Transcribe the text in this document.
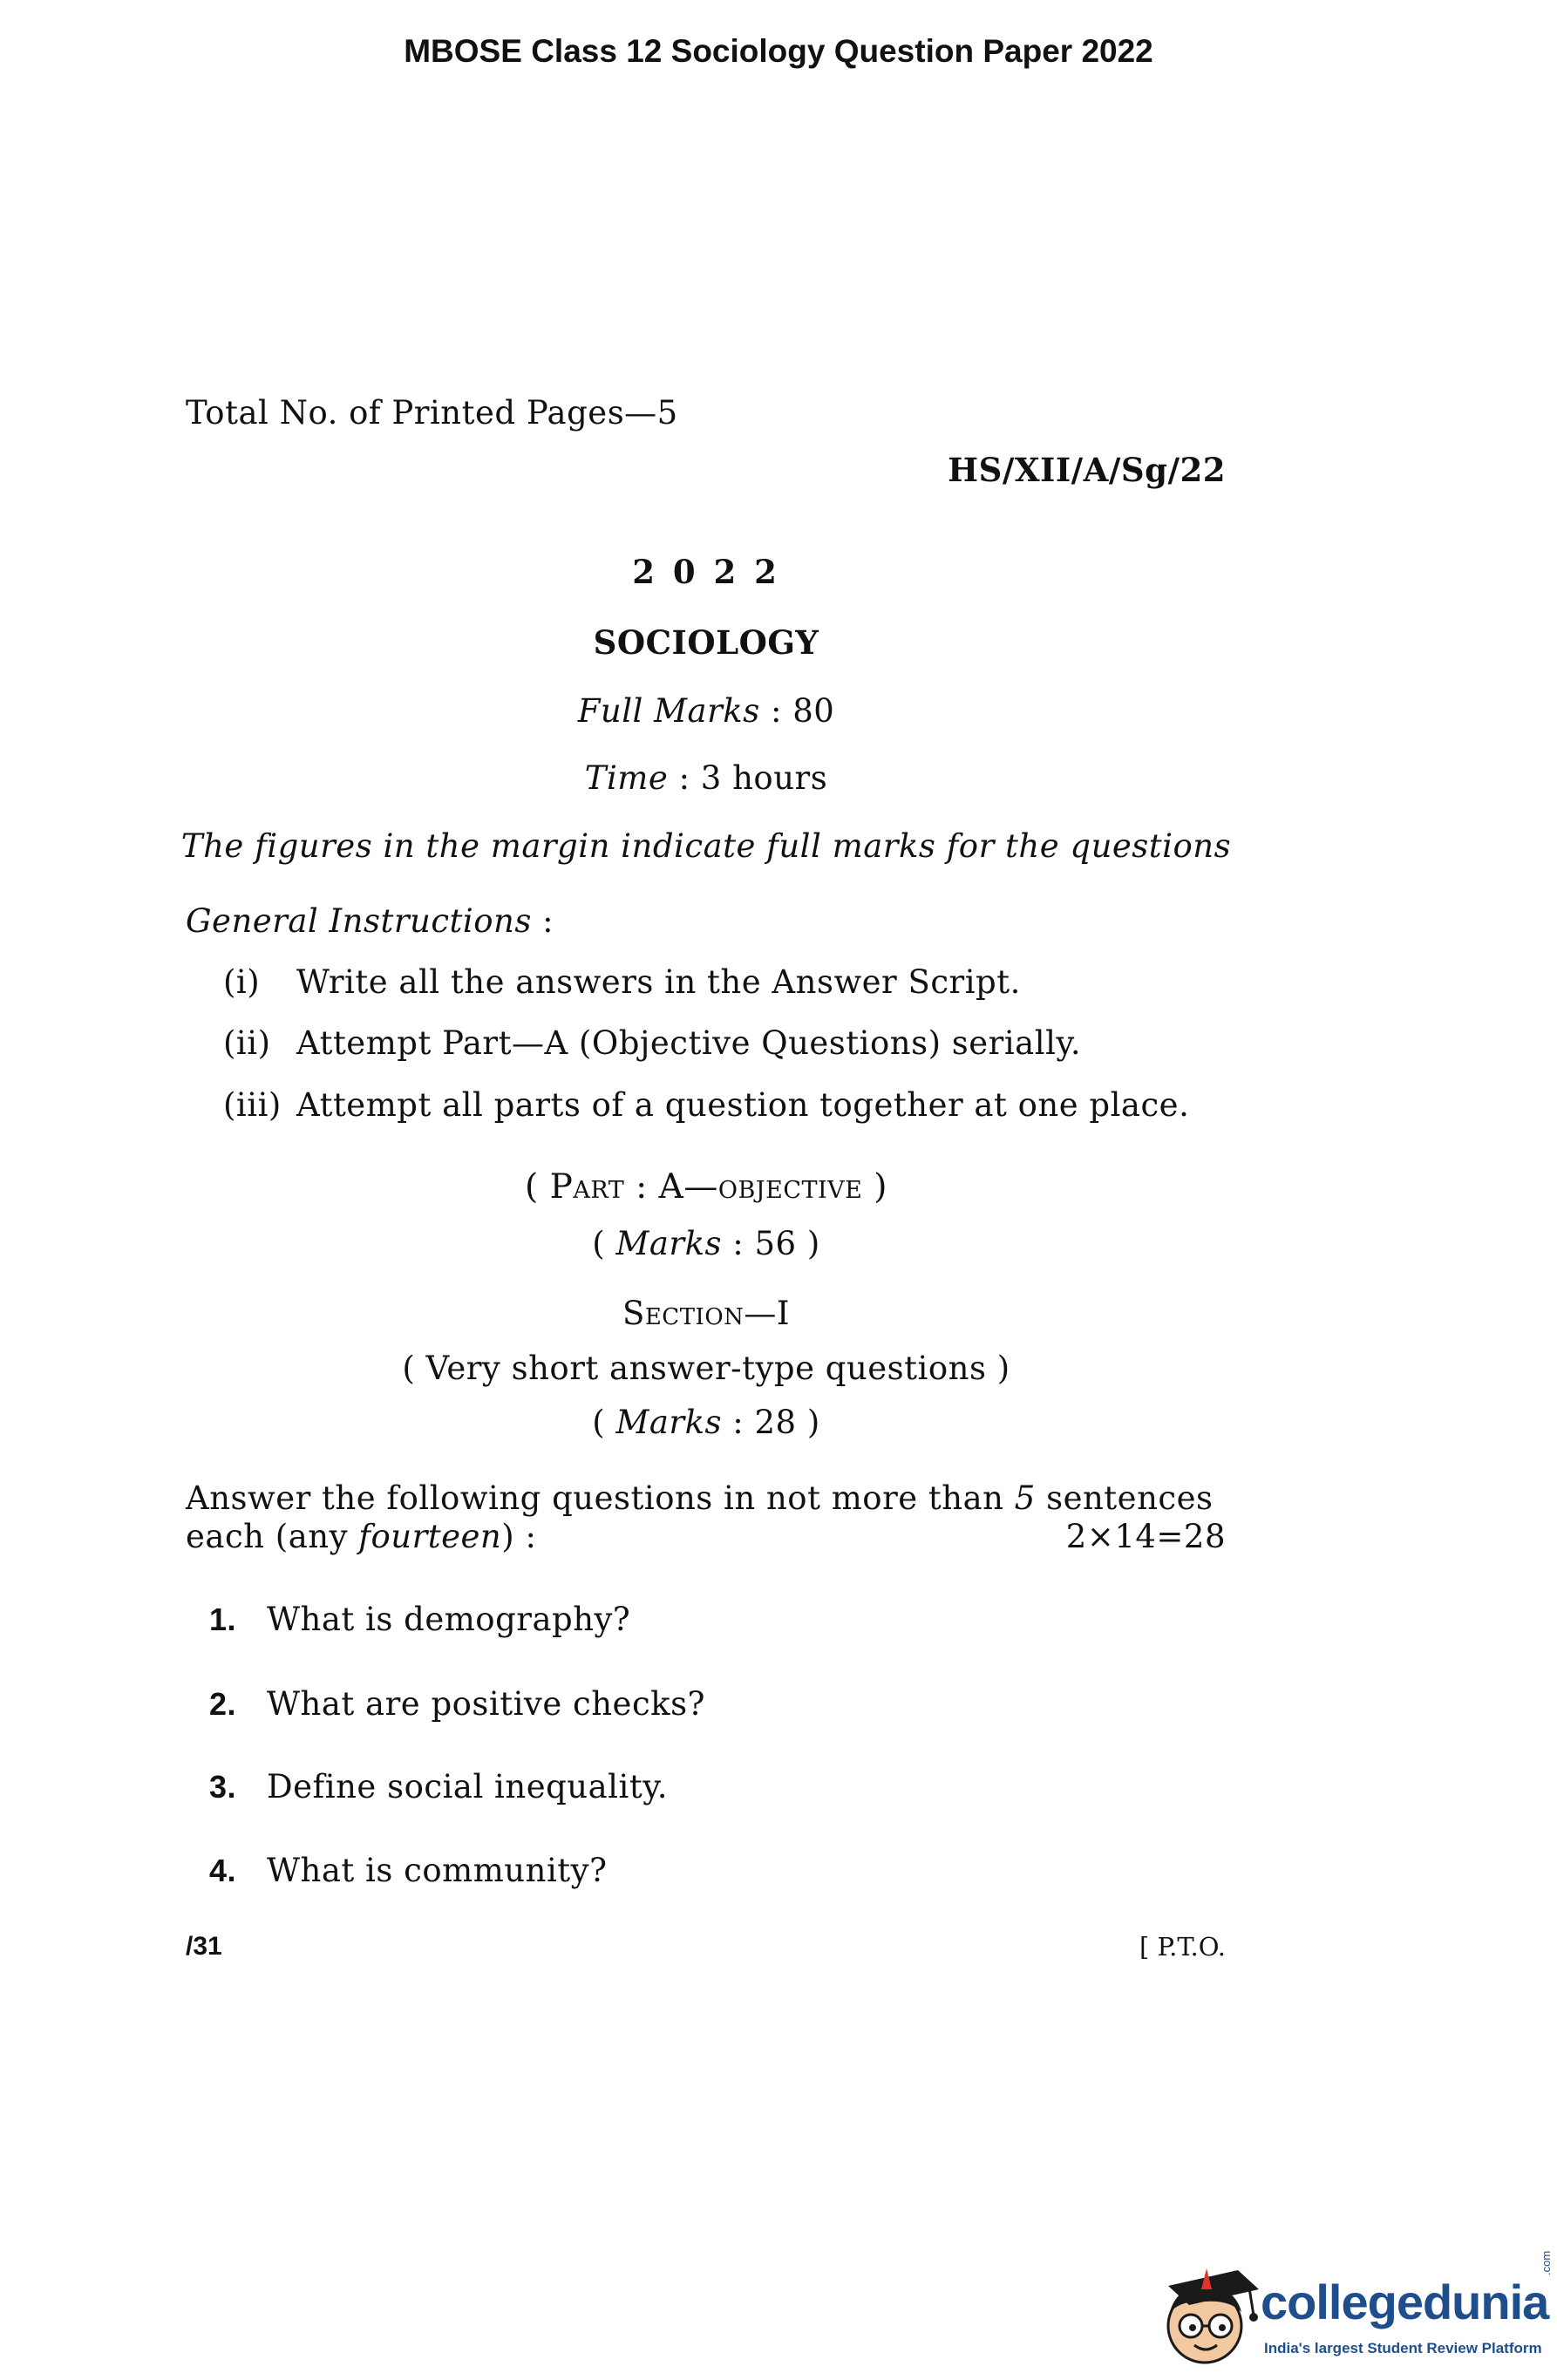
MBOSE Class 12 Sociology Question Paper 2022
Total No. of Printed Pages—5
HS/XII/A/Sg/22
2 0 2 2
SOCIOLOGY
Full Marks : 80
Time : 3 hours
The figures in the margin indicate full marks for the questions
General Instructions :
(i) Write all the answers in the Answer Script.
(ii) Attempt Part—A (Objective Questions) serially.
(iii) Attempt all parts of a question together at one place.
( Part : A—objective )
( Marks : 56 )
Section—I
( Very short answer-type questions )
( Marks : 28 )
Answer the following questions in not more than 5 sentences
each (any fourteen) :	2×14=28
1. What is demography?
2. What are positive checks?
3. Define social inequality.
4. What is community?
/31	[ P.T.O.
collegedunia
.com
India's largest Student Review Platform
